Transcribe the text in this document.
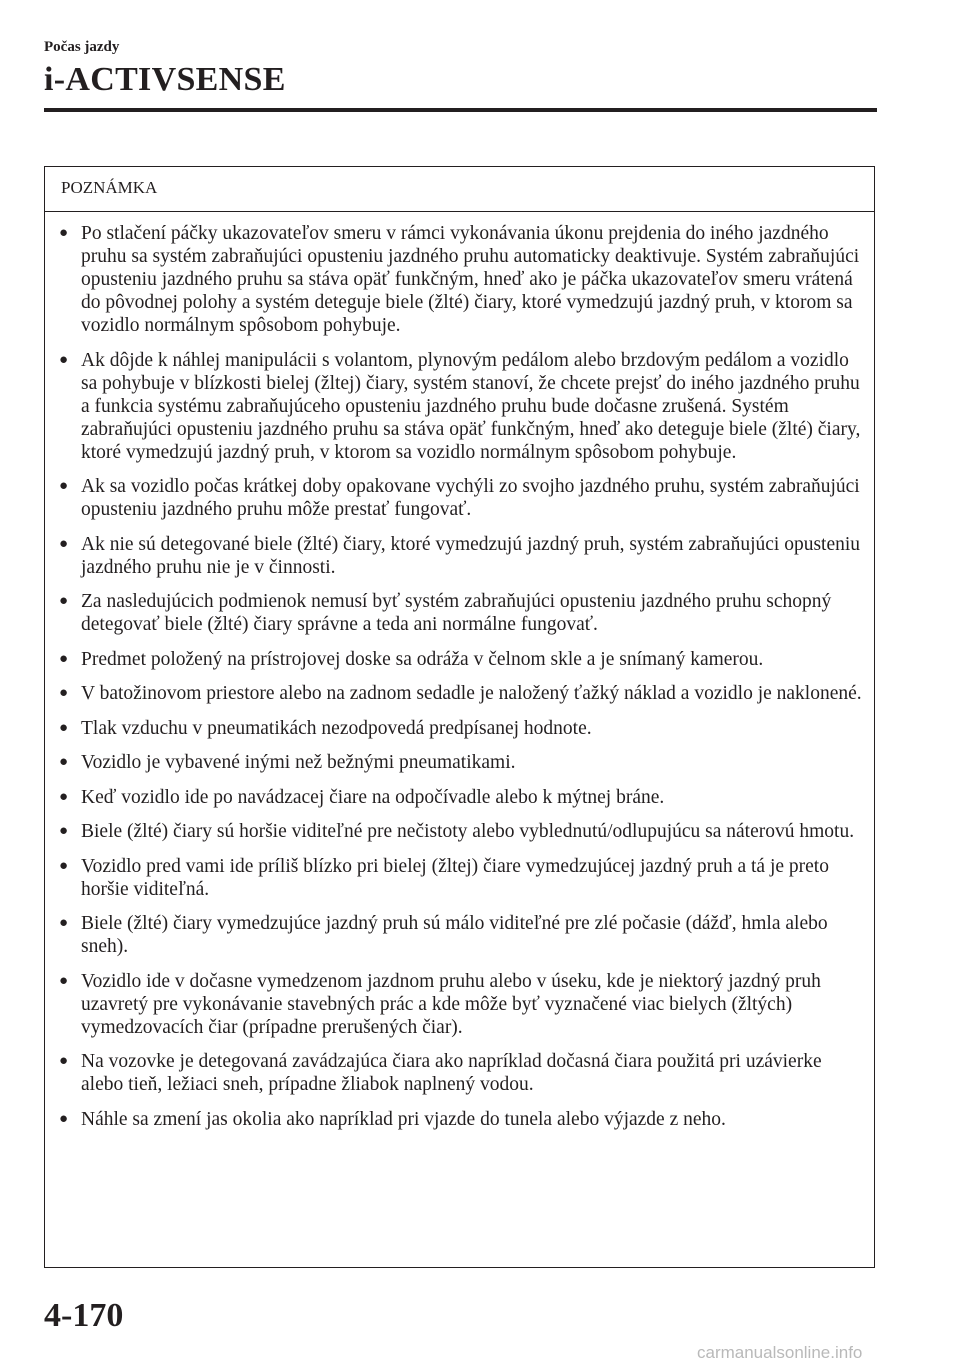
Počas jazdy
i-ACTIVSENSE
POZNÁMKA
● Po stlačení páčky ukazovateľov smeru v rámci vykonávania úkonu prejdenia do iného jazdného pruhu sa systém zabraňujúci opusteniu jazdného pruhu automaticky deaktivuje. Systém zabraňujúci opusteniu jazdného pruhu sa stáva opäť funkčným, hneď ako je páčka ukazovateľov smeru vrátená do pôvodnej polohy a systém deteguje biele (žlté) čiary, ktoré vymedzujú jazdný pruh, v ktorom sa vozidlo normálnym spôsobom pohybuje.
● Ak dôjde k náhlej manipulácii s volantom, plynovým pedálom alebo brzdovým pedálom a vozidlo sa pohybuje v blízkosti bielej (žltej) čiary, systém stanoví, že chcete prejsť do iného jazdného pruhu a funkcia systému zabraňujúceho opusteniu jazdného pruhu bude dočasne zrušená. Systém zabraňujúci opusteniu jazdného pruhu sa stáva opäť funkčným, hneď ako deteguje biele (žlté) čiary, ktoré vymedzujú jazdný pruh, v ktorom sa vozidlo normálnym spôsobom pohybuje.
● Ak sa vozidlo počas krátkej doby opakovane vychýli zo svojho jazdného pruhu, systém zabraňujúci opusteniu jazdného pruhu môže prestať fungovať.
● Ak nie sú detegované biele (žlté) čiary, ktoré vymedzujú jazdný pruh, systém zabraňujúci opusteniu jazdného pruhu nie je v činnosti.
● Za nasledujúcich podmienok nemusí byť systém zabraňujúci opusteniu jazdného pruhu schopný detegovať biele (žlté) čiary správne a teda ani normálne fungovať.
● Predmet položený na prístrojovej doske sa odráža v čelnom skle a je snímaný kamerou.
● V batožinovom priestore alebo na zadnom sedadle je naložený ťažký náklad a vozidlo je naklonené.
● Tlak vzduchu v pneumatikách nezodpovedá predpísanej hodnote.
● Vozidlo je vybavené inými než bežnými pneumatikami.
● Keď vozidlo ide po navádzacej čiare na odpočívadle alebo k mýtnej bráne.
● Biele (žlté) čiary sú horšie viditeľné pre nečistoty alebo vyblednutú/odlupujúcu sa náterovú hmotu.
● Vozidlo pred vami ide príliš blízko pri bielej (žltej) čiare vymedzujúcej jazdný pruh a tá je preto horšie viditeľná.
● Biele (žlté) čiary vymedzujúce jazdný pruh sú málo viditeľné pre zlé počasie (dážď, hmla alebo sneh).
● Vozidlo ide v dočasne vymedzenom jazdnom pruhu alebo v úseku, kde je niektorý jazdný pruh uzavretý pre vykonávanie stavebných prác a kde môže byť vyznačené viac bielych (žltých) vymedzovacích čiar (prípadne prerušených čiar).
● Na vozovke je detegovaná zavádzajúca čiara ako napríklad dočasná čiara použitá pri uzávierke alebo tieň, ležiaci sneh, prípadne žliabok naplnený vodou.
● Náhle sa zmení jas okolia ako napríklad pri vjazde do tunela alebo výjazde z neho.
4-170
carmanualsonline.info
